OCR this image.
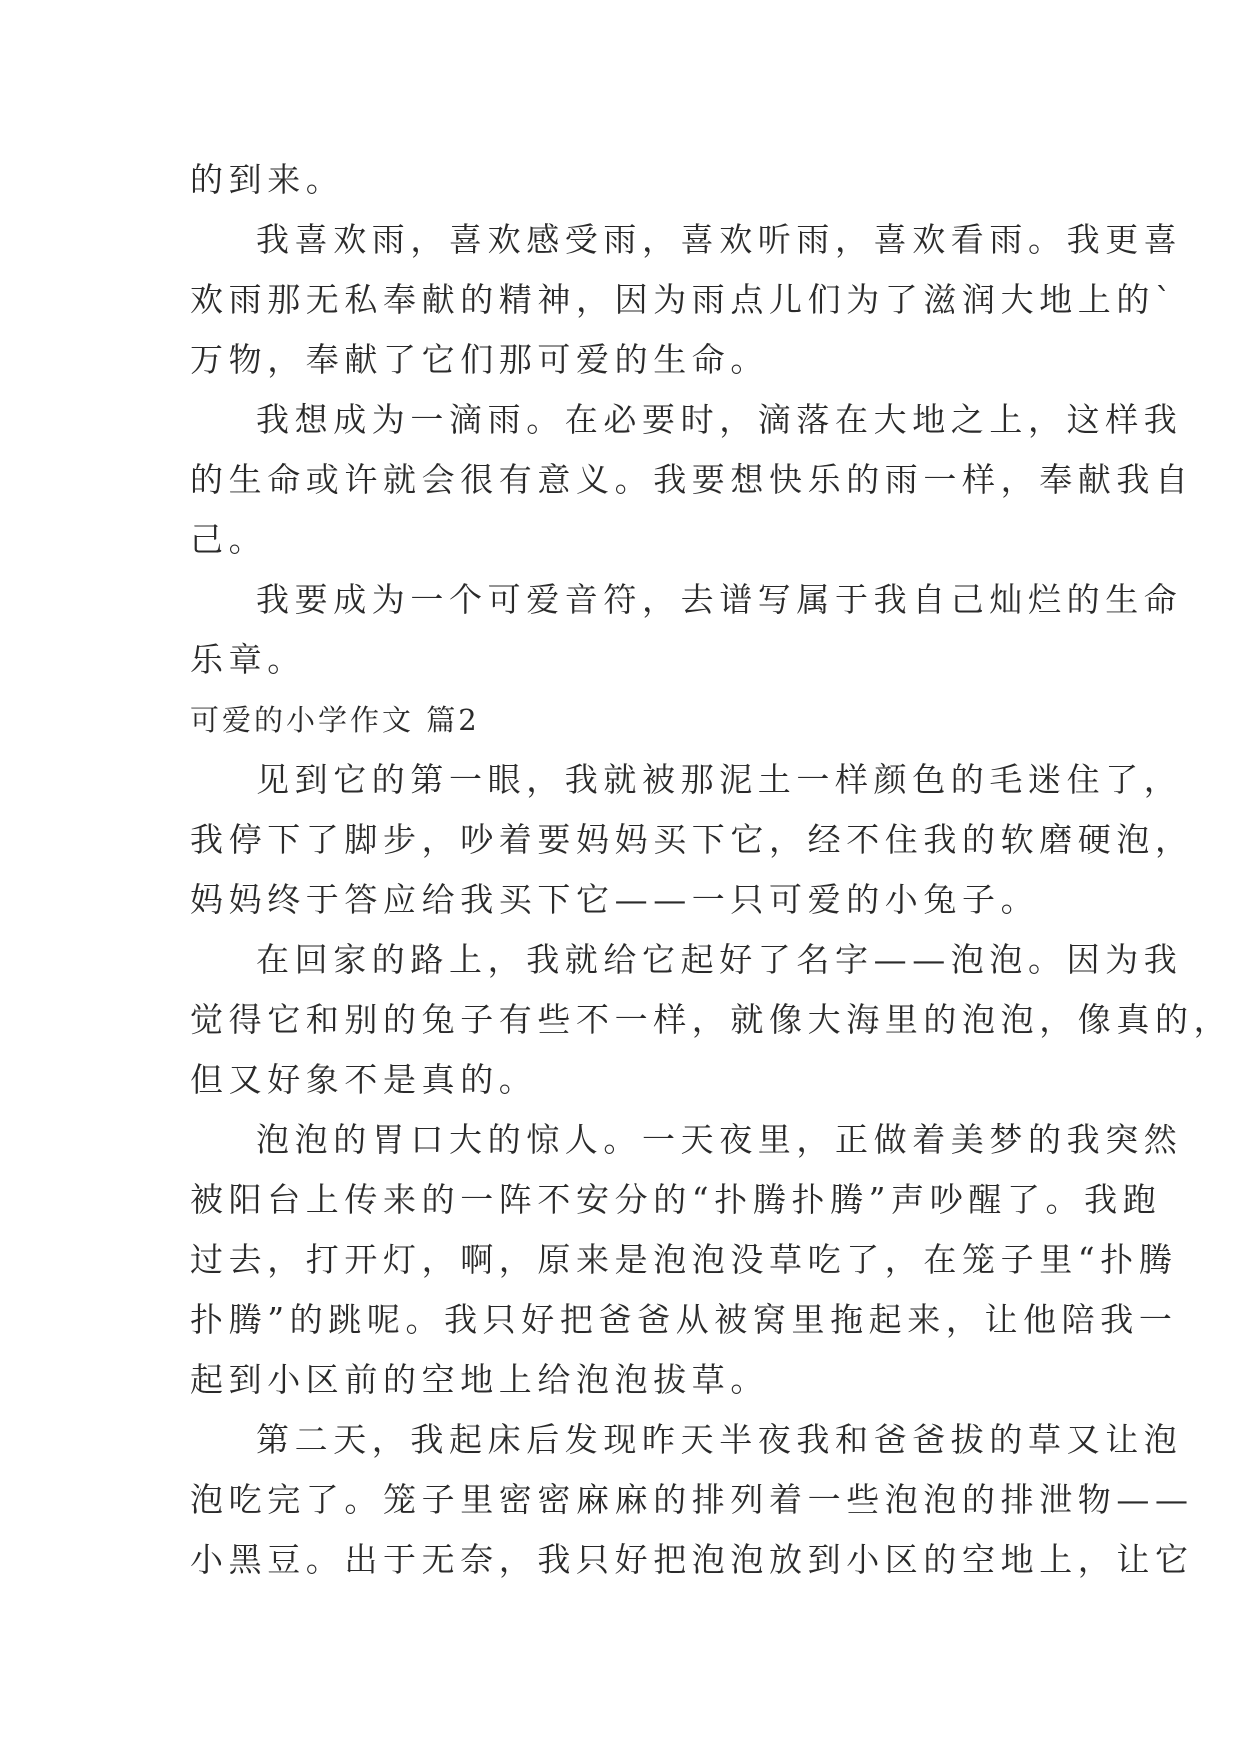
的到来。

我喜欢雨，喜欢感受雨，喜欢听雨，喜欢看雨。我更喜

欢雨那无私奉献的精神，因为雨点儿们为了滋润大地上的`

万物，奉献了它们那可爱的生命。

我想成为一滴雨。在必要时，滴落在大地之上，这样我

的生命或许就会很有意义。我要想快乐的雨一样，奉献我自

己。

我要成为一个可爱音符，去谱写属于我自己灿烂的生命

乐章。

可爱的小学作文 篇2

见到它的第一眼，我就被那泥土一样颜色的毛迷住了，

我停下了脚步，吵着要妈妈买下它，经不住我的软磨硬泡，

妈妈终于答应给我买下它——一只可爱的小兔子。

在回家的路上，我就给它起好了名字——泡泡。因为我

觉得它和别的兔子有些不一样，就像大海里的泡泡，像真的，

但又好象不是真的。

泡泡的胃口大的惊人。一天夜里，正做着美梦的我突然

被阳台上传来的一阵不安分的“扑腾扑腾”声吵醒了。我跑

过去，打开灯，啊，原来是泡泡没草吃了，在笼子里“扑腾

扑腾”的跳呢。我只好把爸爸从被窝里拖起来，让他陪我一

起到小区前的空地上给泡泡拔草。

第二天，我起床后发现昨天半夜我和爸爸拔的草又让泡

泡吃完了。笼子里密密麻麻的排列着一些泡泡的排泄物——

小黑豆。出于无奈，我只好把泡泡放到小区的空地上，让它
